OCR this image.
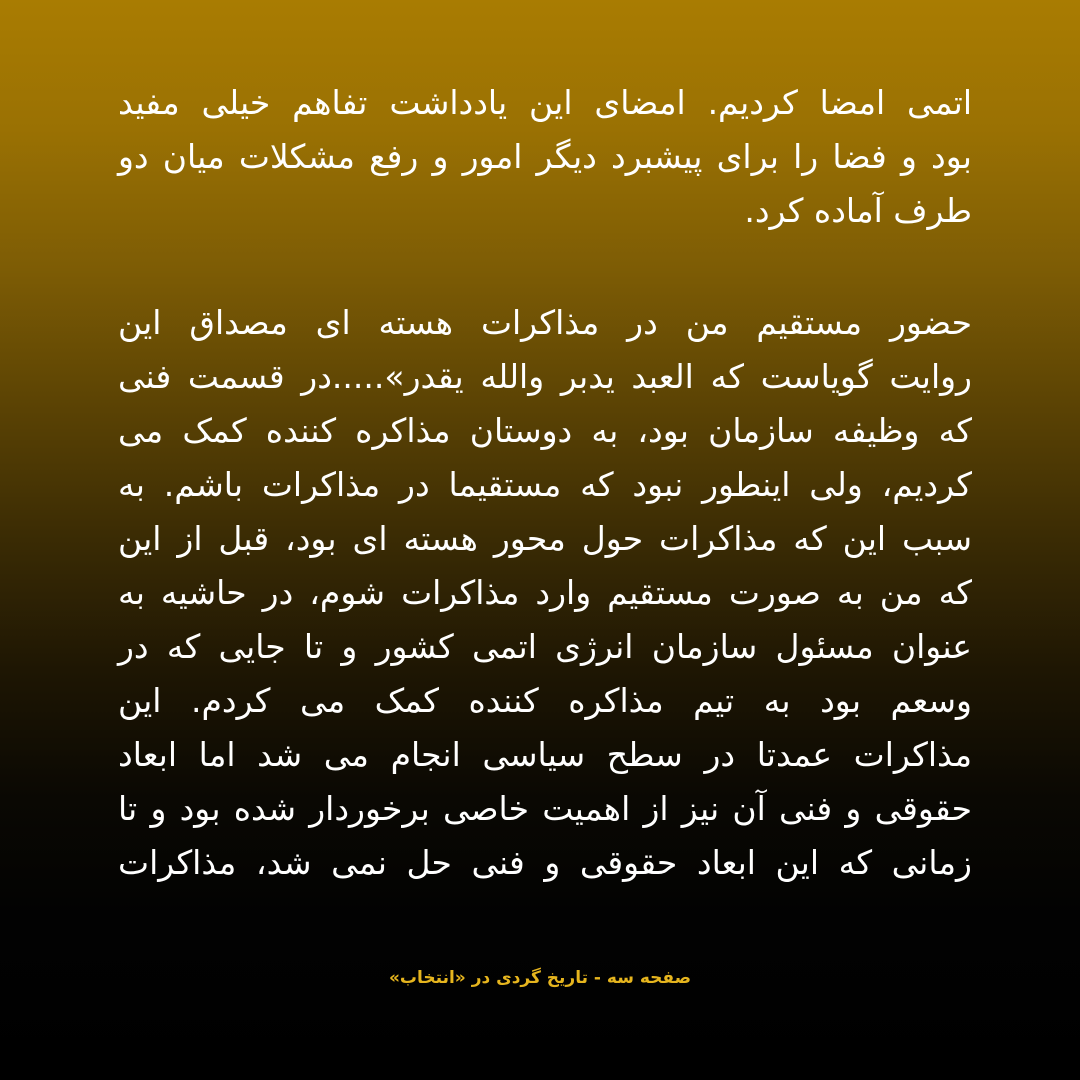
اتمی امضا کردیم. امضای این یادداشت تفاهم خیلی مفید
بود و فضا را برای پیشبرد دیگر امور و رفع مشکلات میان دو
طرف آماده کرد.
حضور مستقیم من در مذاکرات هسته ای مصداق این
روایت گویاست که العبد یدبر والله یقدر».....در قسمت فنی
که وظیفه سازمان بود، به دوستان مذاکره کننده کمک می
کردیم، ولی اینطور نبود که مستقیما در مذاکرات باشم. به
سبب این که مذاکرات حول محور هسته ای بود، قبل از این
که من به صورت مستقیم وارد مذاکرات شوم، در حاشیه به
عنوان مسئول سازمان انرژی اتمی کشور و تا جایی که در
وسعم بود به تیم مذاکره کننده کمک می کردم. این
مذاکرات عمدتا در سطح سیاسی انجام می شد اما ابعاد
حقوقی و فنی آن نیز از اهمیت خاصی برخوردار شده بود و تا
زمانی که این ابعاد حقوقی و فنی حل نمی شد، مذاکرات
صفحه سه - تاریخ گردی در «انتخاب»
